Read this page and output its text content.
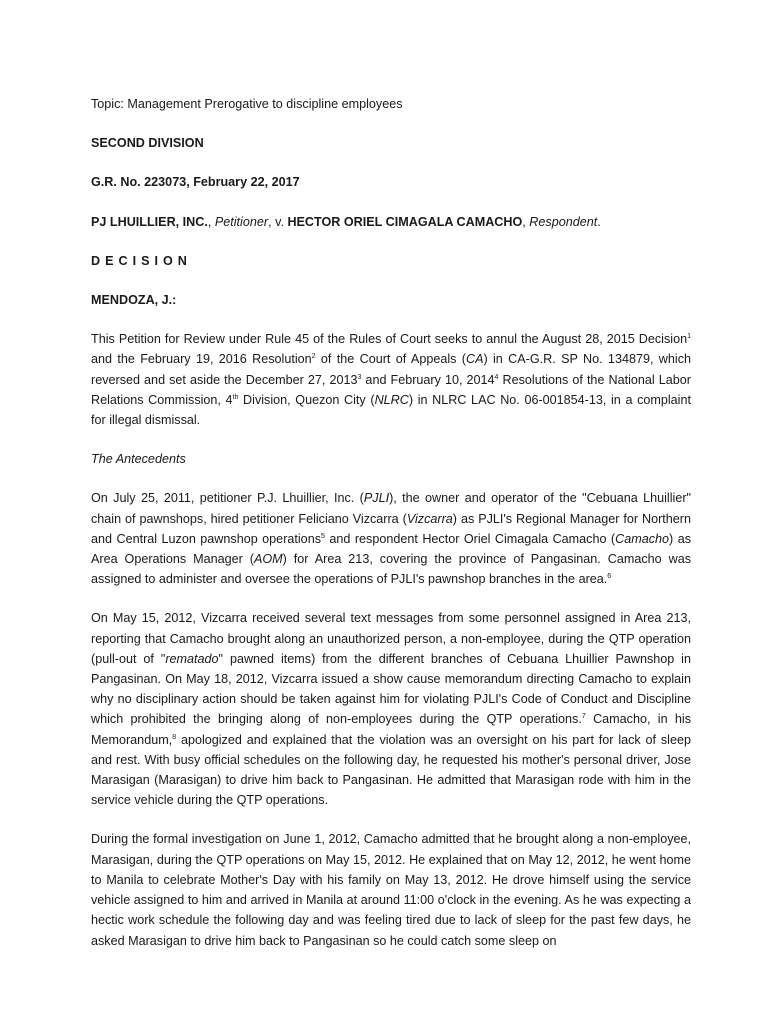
Topic: Management Prerogative to discipline employees

SECOND DIVISION

G.R. No. 223073, February 22, 2017

PJ LHUILLIER, INC., Petitioner, v. HECTOR ORIEL CIMAGALA CAMACHO, Respondent.

DECISION

MENDOZA, J.:

This Petition for Review under Rule 45 of the Rules of Court seeks to annul the August 28, 2015 Decision$^1$ and the February 19, 2016 Resolution$^2$ of the Court of Appeals (CA) in CA-G.R. SP No. 134879, which reversed and set aside the December 27, 2013$^3$ and February 10, 2014$^4$ Resolutions of the National Labor Relations Commission, 4th Division, Quezon City (NLRC) in NLRC LAC No. 06-001854-13, in a complaint for illegal dismissal.

The Antecedents

On July 25, 2011, petitioner P.J. Lhuillier, Inc. (PJLI), the owner and operator of the "Cebuana Lhuillier" chain of pawnshops, hired petitioner Feliciano Vizcarra (Vizcarra) as PJLI's Regional Manager for Northern and Central Luzon pawnshop operations$^5$ and respondent Hector Oriel Cimagala Camacho (Camacho) as Area Operations Manager (AOM) for Area 213, covering the province of Pangasinan. Camacho was assigned to administer and oversee the operations of PJLI's pawnshop branches in the area.$^6$

On May 15, 2012, Vizcarra received several text messages from some personnel assigned in Area 213, reporting that Camacho brought along an unauthorized person, a non-employee, during the QTP operation (pull-out of "rematado" pawned items) from the different branches of Cebuana Lhuillier Pawnshop in Pangasinan. On May 18, 2012, Vizcarra issued a show cause memorandum directing Camacho to explain why no disciplinary action should be taken against him for violating PJLI's Code of Conduct and Discipline which prohibited the bringing along of non-employees during the QTP operations.$^7$ Camacho, in his Memorandum,$^8$ apologized and explained that the violation was an oversight on his part for lack of sleep and rest. With busy official schedules on the following day, he requested his mother's personal driver, Jose Marasigan (Marasigan) to drive him back to Pangasinan. He admitted that Marasigan rode with him in the service vehicle during the QTP operations.

During the formal investigation on June 1, 2012, Camacho admitted that he brought along a non-employee, Marasigan, during the QTP operations on May 15, 2012. He explained that on May 12, 2012, he went home to Manila to celebrate Mother's Day with his family on May 13, 2012. He drove himself using the service vehicle assigned to him and arrived in Manila at around 11:00 o'clock in the evening. As he was expecting a hectic work schedule the following day and was feeling tired due to lack of sleep for the past few days, he asked Marasigan to drive him back to Pangasinan so he could catch some sleep on
